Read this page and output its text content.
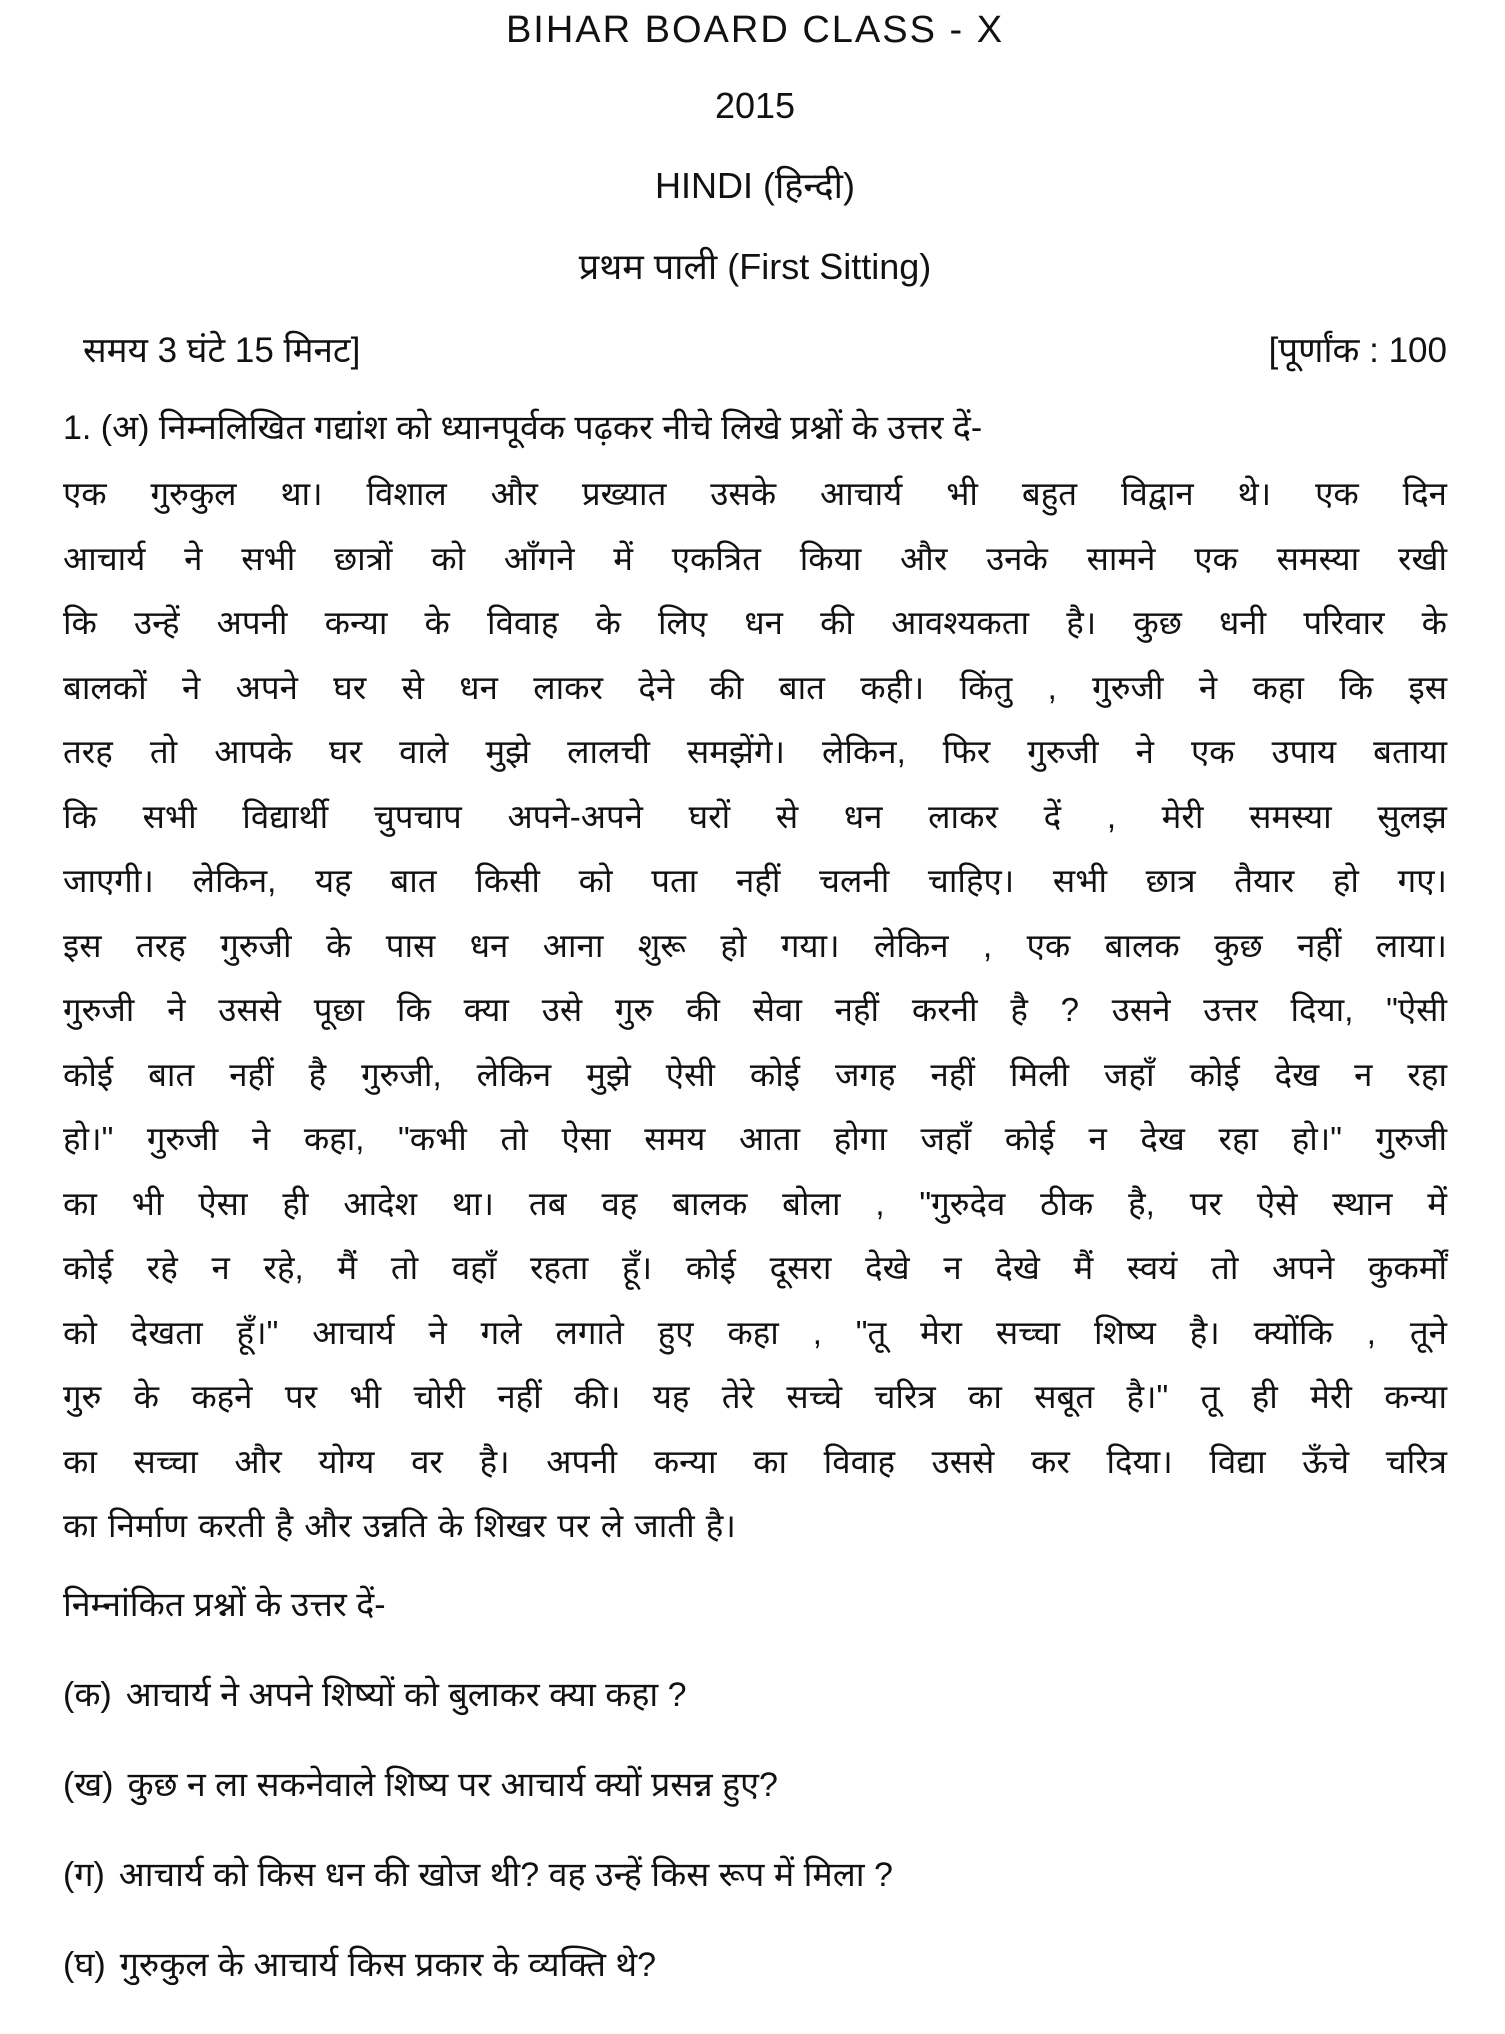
BIHAR BOARD CLASS - X
2015
HINDI (हिन्दी)
प्रथम पाली (First Sitting)
समय 3 घंटे 15 मिनट]	[पूर्णांक : 100
1. (अ) निम्नलिखित गद्यांश को ध्यानपूर्वक पढ़कर नीचे लिखे प्रश्नों के उत्तर दें-
एक गुरुकुल था। विशाल और प्रख्यात उसके आचार्य भी बहुत विद्वान थे। एक दिन
आचार्य ने सभी छात्रों को आँगने में एकत्रित किया और उनके सामने एक समस्या रखी
कि उन्हें अपनी कन्या के विवाह के लिए धन की आवश्यकता है। कुछ धनी परिवार के
बालकों ने अपने घर से धन लाकर देने की बात कही। किंतु , गुरुजी ने कहा कि इस
तरह तो आपके घर वाले मुझे लालची समझेंगे। लेकिन, फिर गुरुजी ने एक उपाय बताया
कि सभी विद्यार्थी चुपचाप अपने-अपने घरों से धन लाकर दें , मेरी समस्या सुलझ
जाएगी। लेकिन, यह बात किसी को पता नहीं चलनी चाहिए। सभी छात्र तैयार हो गए।
इस तरह गुरुजी के पास धन आना शुरू हो गया। लेकिन , एक बालक कुछ नहीं लाया।
गुरुजी ने उससे पूछा कि क्या उसे गुरु की सेवा नहीं करनी है ? उसने उत्तर दिया, "ऐसी
कोई बात नहीं है गुरुजी, लेकिन मुझे ऐसी कोई जगह नहीं मिली जहाँ कोई देख न रहा
हो।" गुरुजी ने कहा, "कभी तो ऐसा समय आता होगा जहाँ कोई न देख रहा हो।" गुरुजी
का भी ऐसा ही आदेश था। तब वह बालक बोला , "गुरुदेव ठीक है, पर ऐसे स्थान में
कोई रहे न रहे, मैं तो वहाँ रहता हूँ। कोई दूसरा देखे न देखे मैं स्वयं तो अपने कुकर्मों
को देखता हूँ।" आचार्य ने गले लगाते हुए कहा , "तू मेरा सच्चा शिष्य है। क्योंकि , तूने
गुरु के कहने पर भी चोरी नहीं की। यह तेरे सच्चे चरित्र का सबूत है।" तू ही मेरी कन्या
का सच्चा और योग्य वर है। अपनी कन्या का विवाह उससे कर दिया। विद्या ऊँचे चरित्र
का निर्माण करती है और उन्नति के शिखर पर ले जाती है।
निम्नांकित प्रश्नों के उत्तर दें-
(क) आचार्य ने अपने शिष्यों को बुलाकर क्या कहा ?
(ख) कुछ न ला सकनेवाले शिष्य पर आचार्य क्यों प्रसन्न हुए?
(ग) आचार्य को किस धन की खोज थी? वह उन्हें किस रूप में मिला ?
(घ) गुरुकुल के आचार्य किस प्रकार के व्यक्ति थे?
